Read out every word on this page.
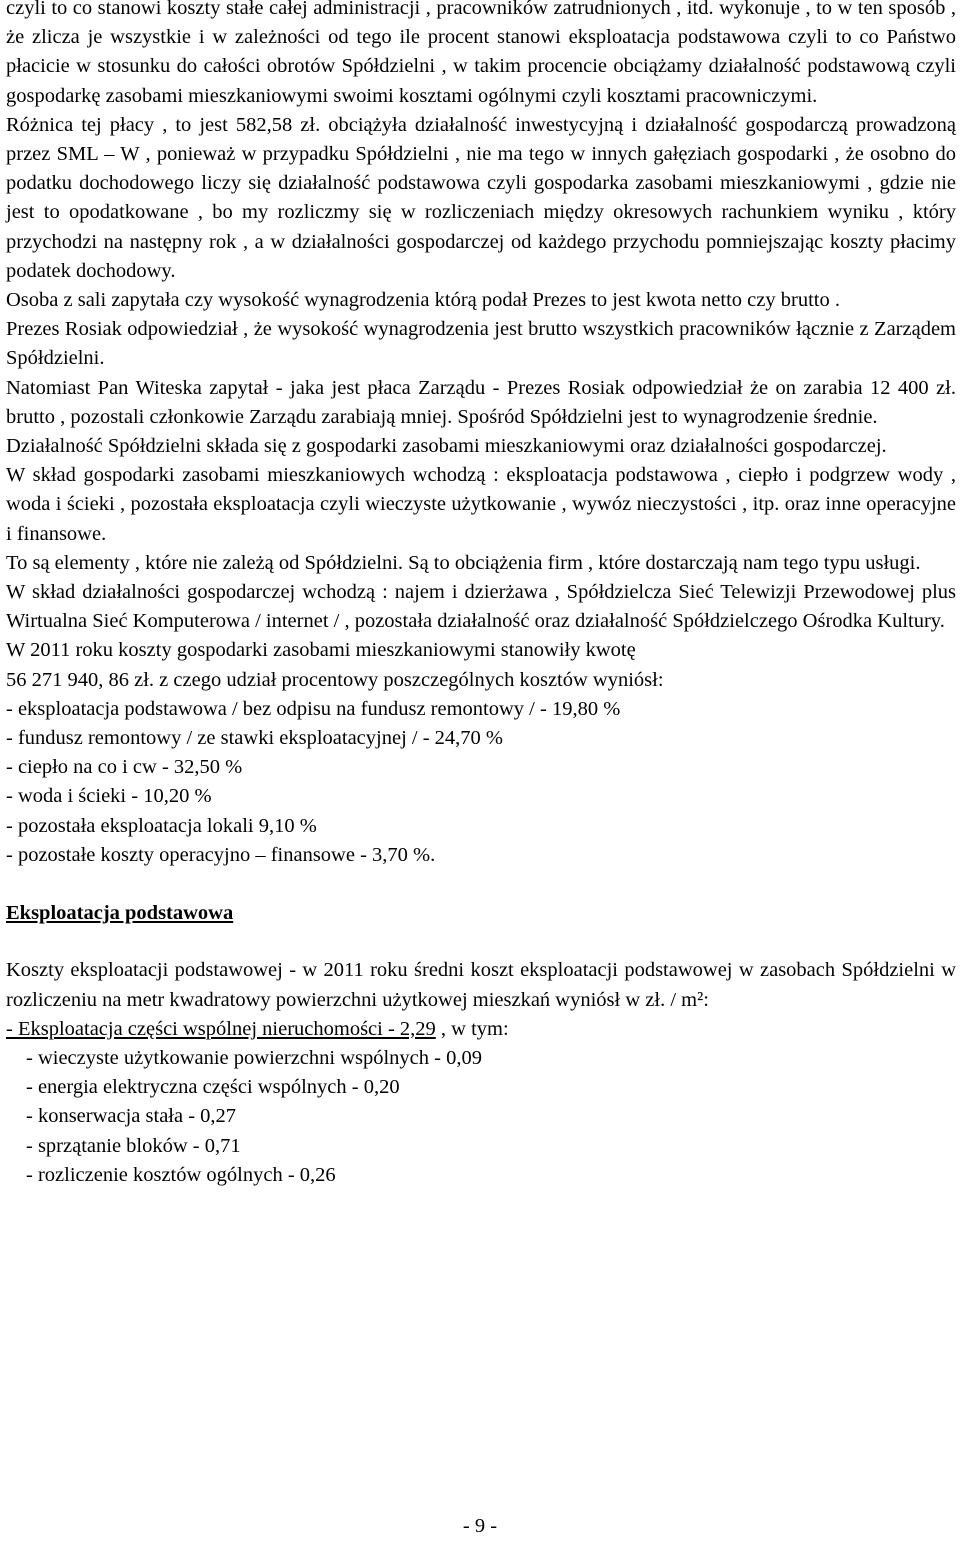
czyli to co stanowi koszty stałe całej administracji , pracowników zatrudnionych , itd. wykonuje , to w ten sposób , że zlicza je wszystkie i w zależności od tego ile procent stanowi eksploatacja podstawowa czyli to co Państwo płacicie w stosunku do całości obrotów Spółdzielni , w takim procencie obciążamy działalność podstawową czyli gospodarkę zasobami mieszkaniowymi swoimi kosztami ogólnymi czyli kosztami pracowniczymi.

Różnica tej płacy , to jest 582,58 zł. obciążyła działalność inwestycyjną i działalność gospodarczą prowadzoną przez SML – W , ponieważ w przypadku Spółdzielni , nie ma tego w innych gałęziach gospodarki , że osobno do podatku dochodowego liczy się działalność podstawowa czyli gospodarka zasobami mieszkaniowymi , gdzie nie jest to opodatkowane , bo my rozliczmy się w rozliczeniach między okresowych rachunkiem wyniku , który przychodzi na następny rok , a w działalności gospodarczej od każdego przychodu pomniejszając koszty płacimy podatek dochodowy.

Osoba z sali zapytała czy wysokość wynagrodzenia którą podał Prezes to jest kwota netto czy brutto .

Prezes Rosiak odpowiedział , że wysokość wynagrodzenia jest brutto wszystkich pracowników łącznie z Zarządem Spółdzielni.

Natomiast Pan Witeska zapytał - jaka jest płaca Zarządu - Prezes Rosiak odpowiedział że on zarabia 12 400 zł. brutto , pozostali członkowie Zarządu zarabiają mniej. Spośród Spółdzielni jest to wynagrodzenie średnie.

Działalność Spółdzielni składa się z gospodarki zasobami mieszkaniowymi oraz działalności gospodarczej.

W skład gospodarki zasobami mieszkaniowych wchodzą : eksploatacja podstawowa , ciepło i podgrzew wody , woda i ścieki , pozostała eksploatacja czyli wieczyste użytkowanie , wywóz nieczystości , itp. oraz inne operacyjne i finansowe.

To są elementy , które nie zależą od Spółdzielni. Są to obciążenia firm , które dostarczają nam tego typu usługi.

W skład działalności gospodarczej wchodzą : najem i dzierżawa , Spółdzielcza Sieć Telewizji Przewodowej plus Wirtualna Sieć Komputerowa / internet / , pozostała działalność oraz działalność Spółdzielczego Ośrodka Kultury.

W 2011 roku koszty gospodarki zasobami mieszkaniowymi stanowiły kwotę

56 271 940, 86 zł. z czego udział procentowy poszczególnych kosztów wyniósł:

- eksploatacja podstawowa / bez odpisu na fundusz remontowy / - 19,80 %

- fundusz remontowy / ze stawki eksploatacyjnej / - 24,70 %

- ciepło na co i cw - 32,50 %

- woda i ścieki - 10,20 %

- pozostała eksploatacja lokali 9,10 %

- pozostałe koszty operacyjno – finansowe - 3,70 %.

Eksploatacja podstawowa

Koszty eksploatacji podstawowej - w 2011 roku średni koszt eksploatacji podstawowej w zasobach Spółdzielni w rozliczeniu na metr kwadratowy powierzchni użytkowej mieszkań wyniósł w zł. / m²:

- Eksploatacja części wspólnej nieruchomości - 2,29 , w tym:

- wieczyste użytkowanie powierzchni wspólnych - 0,09

- energia elektryczna części wspólnych - 0,20

- konserwacja stała - 0,27

- sprzątanie bloków - 0,71

- rozliczenie kosztów ogólnych - 0,26

- 9 -
